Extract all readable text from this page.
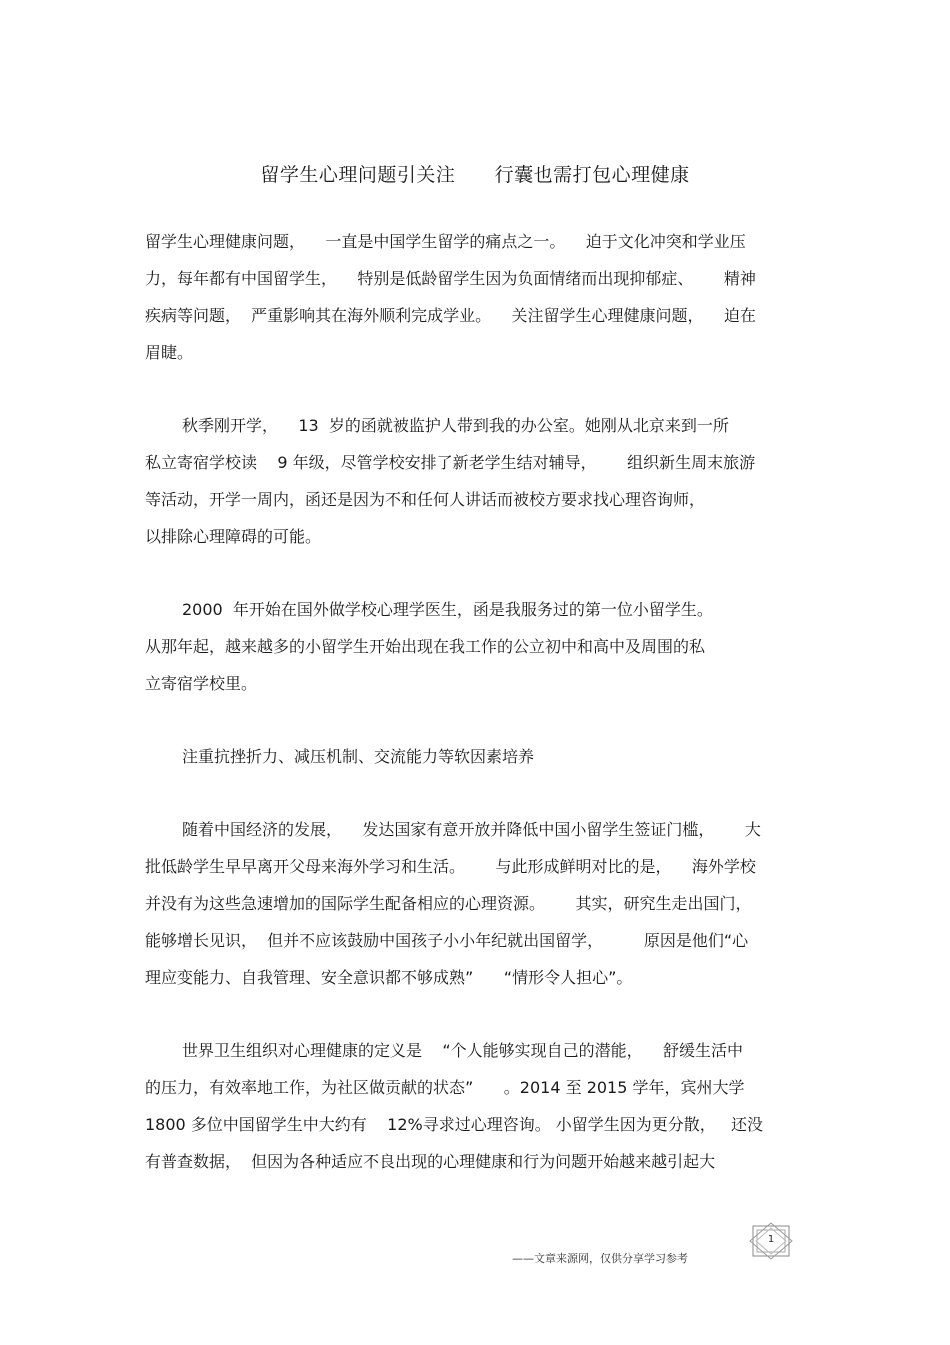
留学生心理问题引关注      行囊也需打包心理健康
留学生心理健康问题，    一直是中国学生留学的痛点之一。    迫于文化冲突和学业压
力，每年都有中国留学生，    特别是低龄留学生因为负面情绪而出现抑郁症、      精神
疾病等问题，  严重影响其在海外顺利完成学业。    关注留学生心理健康问题，    迫在
眉睫。
秋季刚开学，    13  岁的函就被监护人带到我的办公室。她刚从北京来到一所
私立寄宿学校读    9 年级，尽管学校安排了新老学生结对辅导，      组织新生周末旅游
等活动，开学一周内，函还是因为不和任何人讲话而被校方要求找心理咨询师，
以排除心理障碍的可能。
2000  年开始在国外做学校心理学医生，函是我服务过的第一位小留学生。
从那年起，越来越多的小留学生开始出现在我工作的公立初中和高中及周围的私
立寄宿学校里。
注重抗挫折力、减压机制、交流能力等软因素培养
随着中国经济的发展，    发达国家有意开放并降低中国小留学生签证门槛，      大
批低龄学生早早离开父母来海外学习和生活。      与此形成鲜明对比的是，    海外学校
并没有为这些急速增加的国际学生配备相应的心理资源。      其实，研究生走出国门，
能够增长见识，  但并不应该鼓励中国孩子小小年纪就出国留学，        原因是他们“心
理应变能力、自我管理、安全意识都不够成熟”      “情形令人担心”。
世界卫生组织对心理健康的定义是    “个人能够实现自己的潜能，    舒缓生活中
的压力，有效率地工作，为社区做贡献的状态”      。2014 至 2015 学年，宾州大学
1800 多位中国留学生中大约有    12%寻求过心理咨询。 小留学生因为更分散，   还没
有普查数据，  但因为各种适应不良出现的心理健康和行为问题开始越来越引起大
1
——文章来源网，仅供分享学习参考
